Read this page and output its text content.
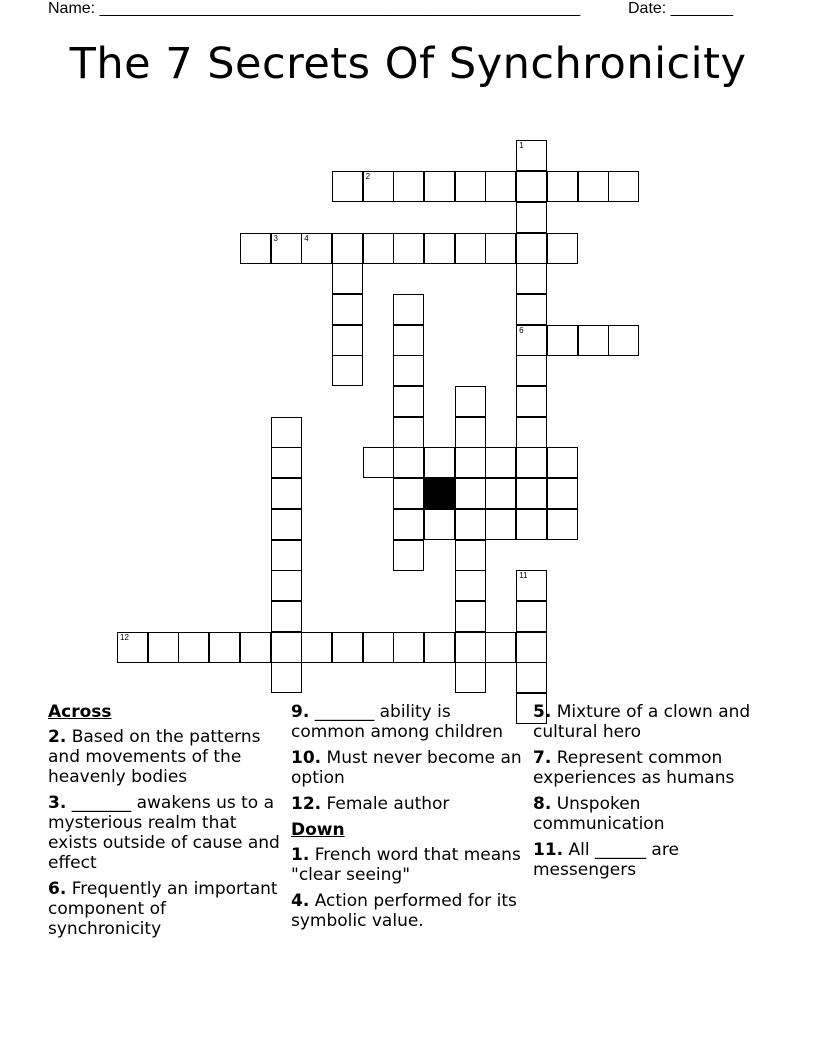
Name: ______________________________________________________	Date: _______
The 7 Secrets Of Synchronicity
1
6
2
3	4
11
12
Across
2. Based on the patterns and movements of the heavenly bodies
3. _______ awakens us to a mysterious realm that exists outside of cause and effect
6. Frequently an important component of synchronicity
9. _______ ability is common among children
10. Must never become an option
12. Female author
Down
1. French word that means "clear seeing"
4. Action performed for its symbolic value.
5. Mixture of a clown and cultural hero
7. Represent common experiences as humans
8. Unspoken communication
11. All ______ are messengers
